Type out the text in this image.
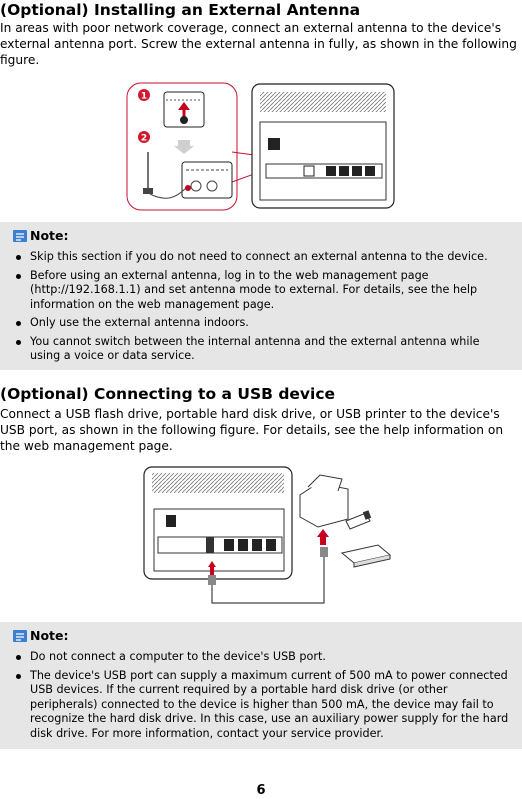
(Optional) Installing an External Antenna
In areas with poor network coverage, connect an external antenna to the device's external antenna port. Screw the external antenna in fully, as shown in the following figure.
1
2
Note:
Skip this section if you do not need to connect an external antenna to the device.
Before using an external antenna, log in to the web management page (http://192.168.1.1) and set antenna mode to external. For details, see the help information on the web management page.
Only use the external antenna indoors.
You cannot switch between the internal antenna and the external antenna while using a voice or data service.
(Optional) Connecting to a USB device
Connect a USB flash drive, portable hard disk drive, or USB printer to the device's USB port, as shown in the following figure. For details, see the help information on the web management page.
Note:
Do not connect a computer to the device's USB port.
The device's USB port can supply a maximum current of 500 mA to power connected USB devices. If the current required by a portable hard disk drive (or other peripherals) connected to the device is higher than 500 mA, the device may fail to recognize the hard disk drive. In this case, use an auxiliary power supply for the hard disk drive. For more information, contact your service provider.
6
